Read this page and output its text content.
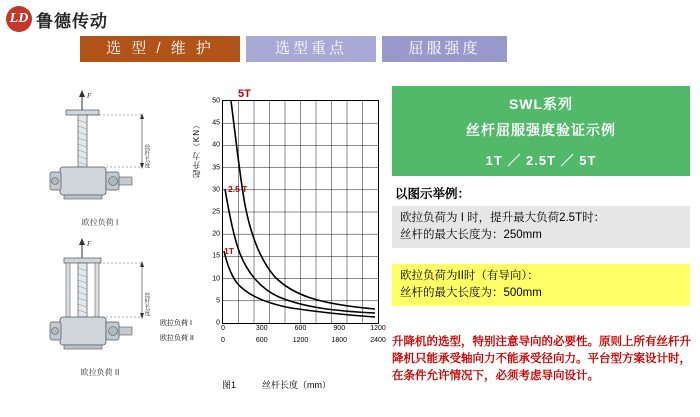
LD 鲁德传动
选 型 / 维 护	选型重点	屈服强度
F
丝杆长度
欧拉负荷 I
F
丝杆长度
欧拉负荷 II
5T
起升力（KN）
50
45
40
35
30
25
20
15
10
5
0
0	300	600	900	1200
0	600	1200	1800	2400
2.5 T
1T
欧拉负荷 I
欧拉负荷 II
图1	丝杆长度（mm）
SWL系列
丝杆屈服强度验证示例
1T ／ 2.5T ／ 5T
以图示举例：
欧拉负荷为 I 时，提升最大负荷2.5T时：
丝杆的最大长度为：250mm
欧拉负荷为II时（有导向）：
丝杆的最大长度为：500mm
升降机的选型，特别注意导向的必要性。原则上所有丝杆升降机只能承受轴向力不能承受径向力。平台型方案设计时，在条件允许情况下，必须考虑导向设计。
